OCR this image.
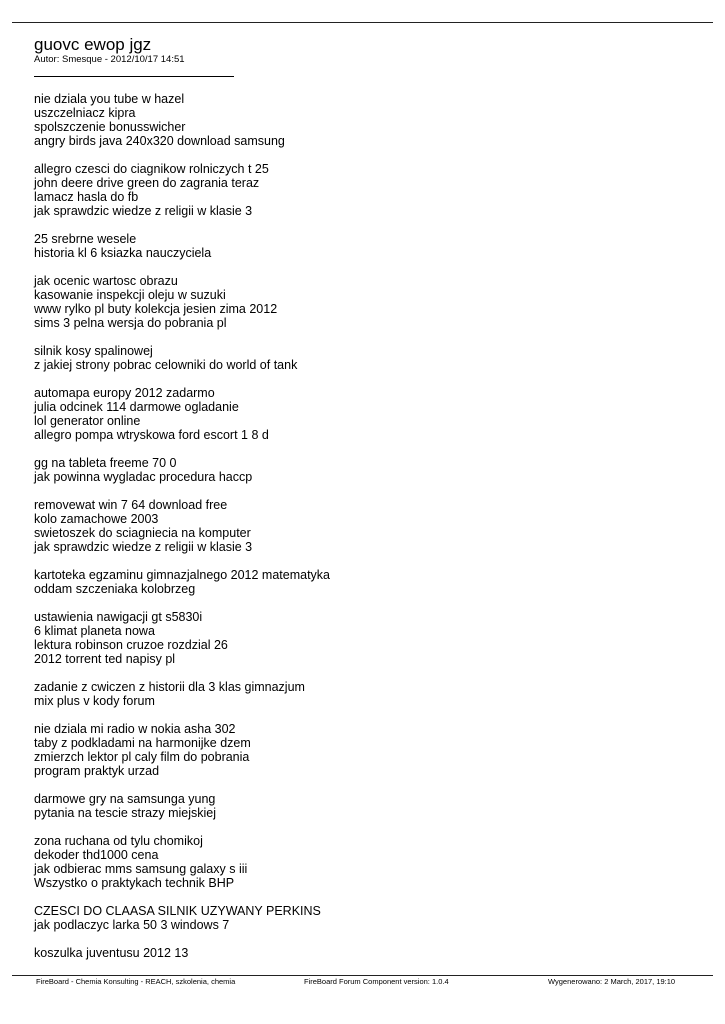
guovc ewop jgz
Autor: Smesque - 2012/10/17 14:51
nie dziala you tube w hazel
uszczelniacz kipra
spolszczenie bonusswicher
angry birds java 240x320 download samsung
allegro czesci do ciagnikow rolniczych t 25
john deere drive green do zagrania teraz
lamacz hasla do fb
jak sprawdzic wiedze z religii w klasie 3
25 srebrne wesele
historia kl 6 ksiazka nauczyciela
jak ocenic wartosc obrazu
kasowanie inspekcji oleju w suzuki
www rylko pl buty kolekcja jesien zima 2012
sims 3 pelna wersja do pobrania pl
silnik kosy spalinowej
z jakiej strony pobrac celowniki do world of tank
automapa europy 2012 zadarmo
julia odcinek 114 darmowe ogladanie
lol generator online
allegro pompa wtryskowa ford escort 1 8 d
gg na tableta freeme 70 0
jak powinna wygladac procedura haccp
removewat win 7 64 download free
kolo zamachowe 2003
swietoszek do sciagniecia na komputer
jak sprawdzic wiedze z religii w klasie 3
kartoteka egzaminu gimnazjalnego 2012 matematyka
oddam szczeniaka kolobrzeg
ustawienia nawigacji gt s5830i
6 klimat planeta nowa
lektura robinson cruzoe rozdzial 26
2012 torrent ted napisy pl
zadanie z cwiczen z historii dla 3 klas gimnazjum
mix plus v kody forum
nie dziala mi radio w nokia asha 302
taby z podkladami na harmonijke dzem
zmierzch lektor pl caly film do pobrania
program praktyk urzad
darmowe gry na samsunga yung
pytania na tescie strazy miejskiej
zona ruchana od tylu chomikoj
dekoder thd1000 cena
jak odbierac mms samsung galaxy s iii
Wszystko o praktykach technik BHP
CZESCI DO CLAASA SILNIK UZYWANY PERKINS
jak podlaczyc larka 50 3 windows 7
koszulka juventusu 2012 13
FireBoard - Chemia Konsulting - REACH, szkolenia, chemia	FireBoard Forum Component version: 1.0.4	Wygenerowano: 2 March, 2017, 19:10
